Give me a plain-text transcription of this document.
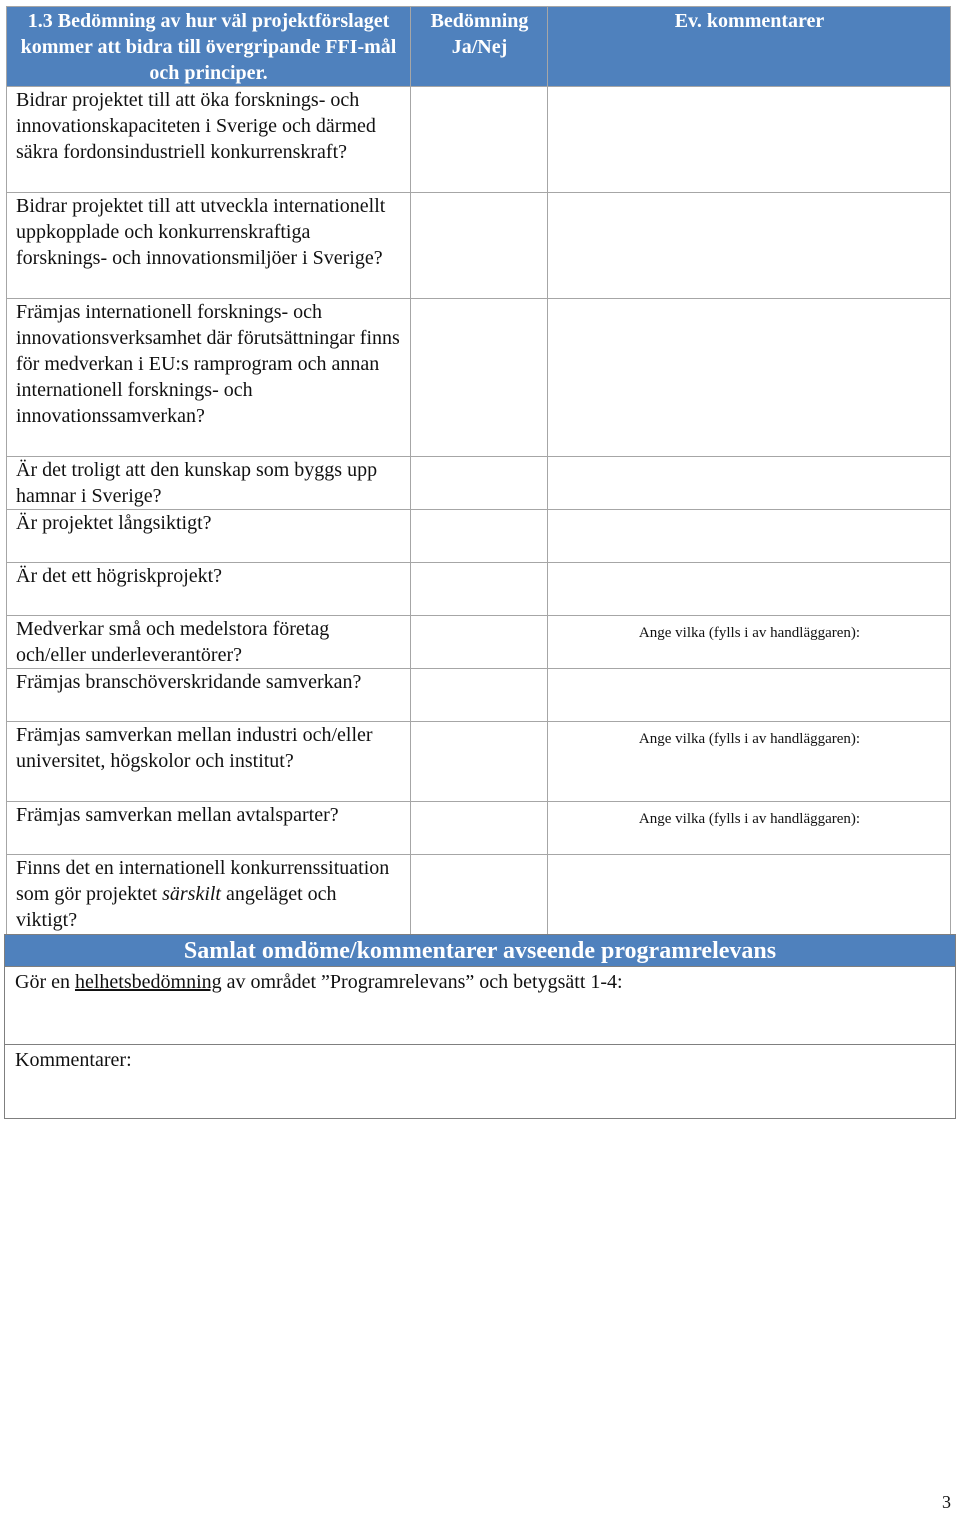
1.3 Bedömning av hur väl projektförslaget kommer att bidra till övergripande FFI-mål och principer.	Bedömning Ja/Nej	Ev. kommentarer
Bidrar projektet till att öka forsknings- och innovationskapaciteten i Sverige och därmed säkra fordonsindustriell konkurrenskraft?		
Bidrar projektet till att utveckla internationellt uppkopplade och konkurrenskraftiga forsknings- och innovationsmiljöer i Sverige?		
Främjas internationell forsknings- och innovationsverksamhet där förutsättningar finns för medverkan i EU:s ramprogram och annan internationell forsknings- och innovationssamverkan?		
Är det troligt att den kunskap som byggs upp hamnar i Sverige?		
Är projektet långsiktigt?		
Är det ett högriskprojekt?		
Medverkar små och medelstora företag och/eller underleverantörer?		Ange vilka (fylls i av handläggaren):
Främjas branschöverskridande samverkan?		
Främjas samverkan mellan industri och/eller universitet, högskolor och institut?		Ange vilka (fylls i av handläggaren):
Främjas samverkan mellan avtalsparter?		Ange vilka (fylls i av handläggaren):
Finns det en internationell konkurrenssituation som gör projektet särskilt angeläget och viktigt?		
Samlat omdöme/kommentarer avseende programrelevans
Gör en helhetsbedömning av området ”Programrelevans” och betygsätt 1-4:
Kommentarer:
3
